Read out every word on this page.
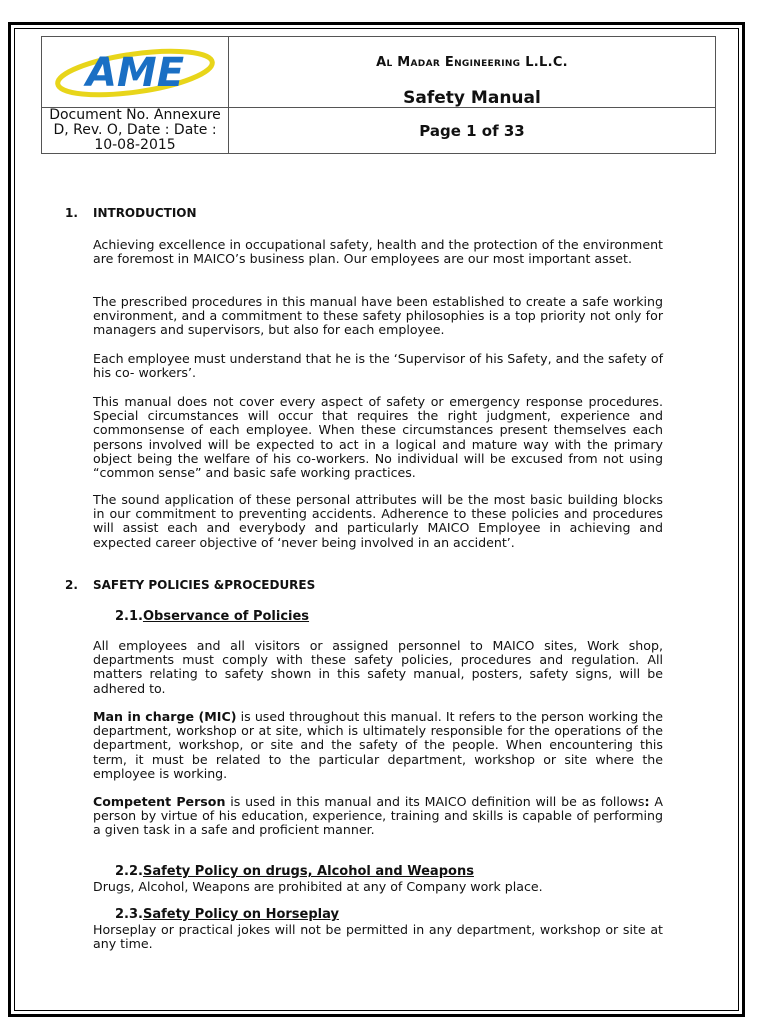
AME	Al Madar Engineering L.L.C.
Safety Manual

Document No. Annexure D, Rev. O, Date : Date : 10-08-2015	Page 1 of 33
1. INTRODUCTION
Achieving excellence in occupational safety, health and the protection of the environment are foremost in MAICO’s business plan. Our employees are our most important asset.
The prescribed procedures in this manual have been established to create a safe working environment, and a commitment to these safety philosophies is a top priority not only for managers and supervisors, but also for each employee.
Each employee must understand that he is the ‘Supervisor of his Safety, and the safety of his co- workers’.
This manual does not cover every aspect of safety or emergency response procedures. Special circumstances will occur that requires the right judgment, experience and commonsense of each employee. When these circumstances present themselves each persons involved will be expected to act in a logical and mature way with the primary object being the welfare of his co-workers. No individual will be excused from not using “common sense” and basic safe working practices.
The sound application of these personal attributes will be the most basic building blocks in our commitment to preventing accidents. Adherence to these policies and procedures will assist each and everybody and particularly MAICO Employee in achieving and expected career objective of ‘never being involved in an accident’.
2. SAFETY POLICIES &PROCEDURES
2.1.Observance of Policies
All employees and all visitors or assigned personnel to MAICO sites, Work shop, departments must comply with these safety policies, procedures and regulation. All matters relating to safety shown in this safety manual, posters, safety signs, will be adhered to.
Man in charge (MIC) is used throughout this manual. It refers to the person working the department, workshop or at site, which is ultimately responsible for the operations of the department, workshop, or site and the safety of the people. When encountering this term, it must be related to the particular department, workshop or site where the employee is working.
Competent Person is used in this manual and its MAICO definition will be as follows: A person by virtue of his education, experience, training and skills is capable of performing a given task in a safe and proficient manner.
2.2.Safety Policy on drugs, Alcohol and Weapons
Drugs, Alcohol, Weapons are prohibited at any of Company work place.
2.3.Safety Policy on Horseplay
Horseplay or practical jokes will not be permitted in any department, workshop or site at any time.
